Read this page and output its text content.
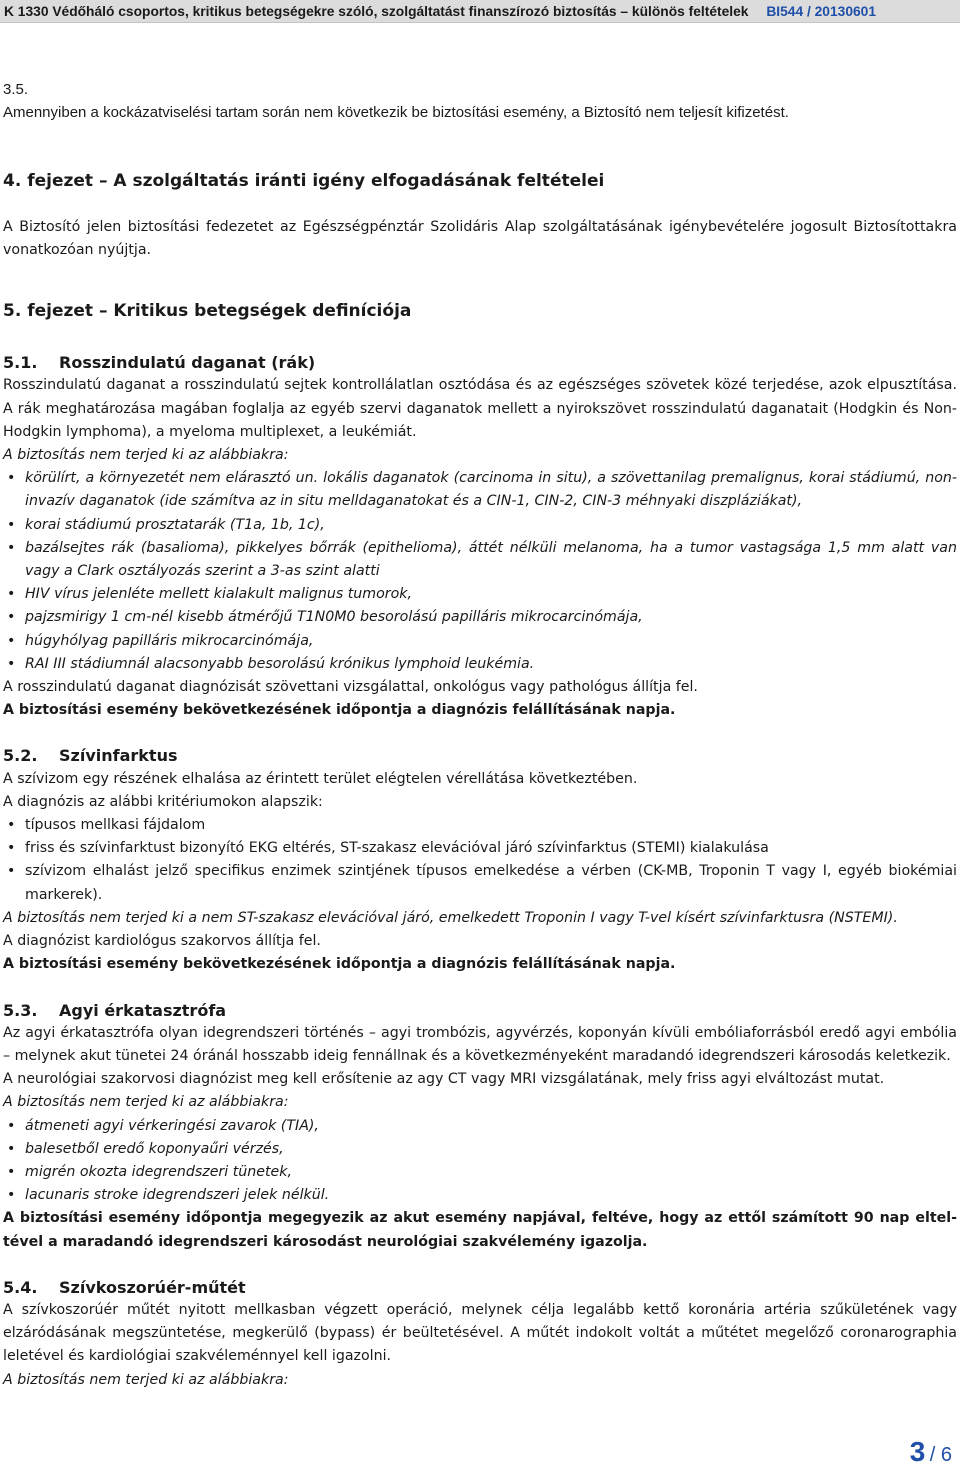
K 1330 Védőháló csoportos, kritikus betegségekre szóló, szolgáltatást finanszírozó biztosítás – különös feltételek BI544 / 20130601

3.5.

Amennyiben a kockázatviselési tartam során nem következik be biztosítási esemény, a Biztosító nem teljesít kifizetést.

4. fejezet – A szolgáltatás iránti igény elfogadásának feltételei

A Biztosító jelen biztosítási fedezetet az Egészségpénztár Szolidáris Alap szolgáltatásának igénybevételére jogosult Biztosítottakra vonatkozóan nyújtja.

5. fejezet – Kritikus betegségek definíciója

5.1. Rosszindulatú daganat (rák)

Rosszindulatú daganat a rosszindulatú sejtek kontrollálatlan osztódása és az egészséges szövetek közé terjedése, azok elpusztítása. A rák meghatározása magában foglalja az egyéb szervi daganatok mellett a nyirokszövet rosszindulatú daganatait (Hodgkin és Non-Hodgkin lymphoma), a myeloma multiplexet, a leukémiát.

A biztosítás nem terjed ki az alábbiakra:

• körülírt, a környezetét nem elárasztó un. lokális daganatok (carcinoma in situ), a szövettanilag premalignus, korai stádiumú, non-invazív daganatok (ide számítva az in situ melldaganatokat és a CIN-1, CIN-2, CIN-3 méhnyaki diszpláziákat),
• korai stádiumú prosztatarák (T1a, 1b, 1c),
• bazálsejtes rák (basalioma), pikkelyes bőrrák (epithelioma), áttét nélküli melanoma, ha a tumor vastagsága 1,5 mm alatt van vagy a Clark osztályozás szerint a 3-as szint alatti
• HIV vírus jelenléte mellett kialakult malignus tumorok,
• pajzsmirigy 1 cm-nél kisebb átmérőjű T1N0M0 besorolású papilláris mikrocarcinómája,
• húgyhólyag papilláris mikrocarcinómája,
• RAI III stádiumnál alacsonyabb besorolású krónikus lymphoid leukémia.

A rosszindulatú daganat diagnózisát szövettani vizsgálattal, onkológus vagy pathológus állítja fel.

A biztosítási esemény bekövetkezésének időpontja a diagnózis felállításának napja.

5.2. Szívinfarktus

A szívizom egy részének elhalása az érintett terület elégtelen vérellátása következtében.

A diagnózis az alábbi kritériumokon alapszik:

• típusos mellkasi fájdalom
• friss és szívinfarktust bizonyító EKG eltérés, ST-szakasz elevációval járó szívinfarktus (STEMI) kialakulása
• szívizom elhalást jelző specifikus enzimek szintjének típusos emelkedése a vérben (CK-MB, Troponin T vagy I, egyéb biokémiai markerek).

A biztosítás nem terjed ki a nem ST-szakasz elevációval járó, emelkedett Troponin I vagy T-vel kísért szívinfarktusra (NSTEMI).

A diagnózist kardiológus szakorvos állítja fel.

A biztosítási esemény bekövetkezésének időpontja a diagnózis felállításának napja.

5.3. Agyi érkatasztrófa

Az agyi érkatasztrófa olyan idegrendszeri történés – agyi trombózis, agyvérzés, koponyán kívüli embóliaforrásból eredő agyi embólia – melynek akut tünetei 24 óránál hosszabb ideig fennállnak és a következményeként maradandó idegrendszeri károsodás keletkezik.

A neurológiai szakorvosi diagnózist meg kell erősítenie az agy CT vagy MRI vizsgálatának, mely friss agyi elváltozást mutat.

A biztosítás nem terjed ki az alábbiakra:

• átmeneti agyi vérkeringési zavarok (TIA),
• balesetből eredő koponyaűri vérzés,
• migrén okozta idegrendszeri tünetek,
• lacunaris stroke idegrendszeri jelek nélkül.

A biztosítási esemény időpontja megegyezik az akut esemény napjával, feltéve, hogy az ettől számított 90 nap eltel-tével a maradandó idegrendszeri károsodást neurológiai szakvélemény igazolja.

5.4. Szívkoszorúér-műtét

A szívkoszorúér műtét nyitott mellkasban végzett operáció, melynek célja legalább kettő koronária artéria szűkületének vagy elzáródásának megszüntetése, megkerülő (bypass) ér beültetésével. A műtét indokolt voltát a műtétet megelőző coronarographia leletével és kardiológiai szakvéleménnyel kell igazolni.

A biztosítás nem terjed ki az alábbiakra:

3 / 6
